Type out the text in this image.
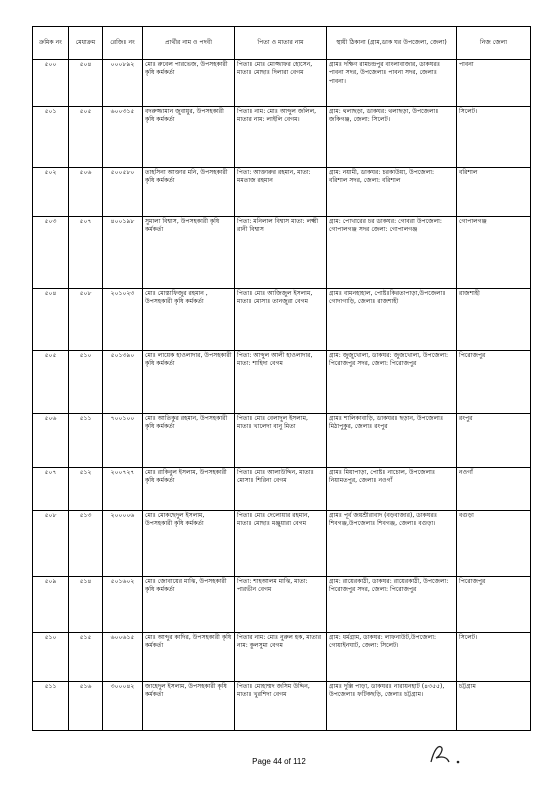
ক্রমিক নং	মেধাক্রম	রেজিঃ নং	প্রার্থীর নাম ও পদবী	পিতা ও মাতার নাম	স্থায়ী ঠিকানা (গ্রাম,ডাক ঘর উপজেলা, জেলা)	নিজ জেলা
৫০০	৫০৪	০০০৮৯২	মোঃ রুবেল পারভেজ, উপসহকারী কৃষি কর্মকর্তা	পিতাঃ মোঃ মোজ্জাফর হোসেন, মাতাঃ মোছাঃ দিলারা বেগম	গ্রামঃ দক্ষিণ রামচন্দ্রপুর বাংলাবাজার, ডাকঘরঃ পাবনা সদর, উপজেলাঃ পাবনা সদর, জেলাঃ পাবনা।	পাবনা
৫০১	৫০৫	৬০০৩১৫	বদরুজ্জামান জুবায়ুর, উপসহকারী কৃষি কর্মকর্তা	পিতাঃ নাম: মোঃ আব্দুল জলিল, মাতার নাম: লাইলি বেগম।	গ্রাম: থলাছড়া, ডাকঘর: থলাছড়া, উপজেলাঃ জকিগঞ্জ, জেলা: সিলেট।	সিলেট।
৫০২	৫০৬	৫০০৫৮০	তাহসিনা আক্তার মনি, উপসহকারী কৃষি কর্মকর্তা	পিতা: আক্তারুর রহমান, মাতা: মমতাজ রহমান	গ্রাম: নয়ামী, ডাকঘর: চরকাউয়া, উপজেলা: বরিশাল সদর, জেলা: বরিশাল	বরিশাল
৫০৩	৫০৭	৪০০১৯৮	সুমালা বিশ্বাস, উপসহকারী কৃষি কর্মকর্তা	পিতা: মনিলাল বিশ্বাস মাতা: লক্ষ্মী রানী বিশ্বাস	গ্রাম: পোখারের চর ডাকঘর: গোবরা উপজেলা: গোপালগঞ্জ সদর জেলা: গোপালগঞ্জ	গোপালগঞ্জ
৫০৪	৫০৮	২০১০২৩	মোঃ মোস্তাফিজুর রহমান , উপসহকারী কৃষি কর্মকর্তা	পিতাঃ মোঃ আজিজুল ইসলাম, মাতাঃ মোসাঃ তানজুরা বেগম	গ্রামঃ বামনহাহাল, পোষ্টঃকিরতাপাড়া,উপজেলাঃ গোদাগাড়ি, জেলাঃ রাজশাহী	রাজশাহী
৫০৫	৫১০	৫০১৩৯০	মোঃ লায়েক হাওলাদার, উপসহকারী কৃষি কর্মকর্তা	পিতা: আব্দুল আলী হাওলাদার, মাতা: শাহিদা বেগম	গ্রাম: জুজুখোলা, ডাকঘর: জুজখোলা, উপজেলা: পিরোজপুর সদর, জেলা: পিরোজপুর	পিরোজপুর
৫০৬	৫১১	৭০০১০০	মোঃ আতিকুর রহমান, উপসহকারী কৃষি কর্মকর্তা	পিতাঃ মোঃ বেলাদুল ইসলাম, মাতাঃ খালেদা বানু মিতা	গ্রামঃ শালিকাবাড়ি, ডাকঘরঃ ছড়ান, উপজেলাঃ মিঠাপুকুর, জেলাঃ রংপুর	রংপুর
৫০৭	৫১২	২০০৭২৭	মোঃ রাকিবুল ইসলাম, উপসহকারী কৃষি কর্মকর্তা	পিতাঃ মোঃ আলাউদ্দিন, মাতাঃ মোসাঃ শিরিনা বেগম	গ্রামঃ মিয়াপাড়া, পোষ্টঃ নাচোল, উপজেলাঃ নিয়ামতপুর, জেলাঃ নওগাঁ	নওগাঁ
৫০৮	৫১৩	২০০০০৬	মোঃ মোকছেদুল ইসলাম, উপসহকারী কৃষি কর্মকর্তা	পিতাঃ মোঃ দেলোয়ার রহমান, মাতাঃ মোছাঃ মঞ্জুয়ারা বেগম	গ্রামঃ পূর্ব জয়শ্রীরাবাদ (বড়বাজার), ডাকঘরঃ শিবগঞ্জ,উপজেলাঃ শিবগঞ্জ, জেলাঃ বগুড়া।	বগুড়া
৫০৯	৫১৪	৫০১৬০২	মোঃ জোবায়ের মাঝি, উপসহকারী কৃষি কর্মকর্তা	পিতা: শাহআলম মাঝি, মাতা: পারভীন বেগম	গ্রাম: রায়েরকাঠী, ডাকঘর: রায়েরকাঠী, উপজেলা: পিরোজপুর সদর, জেলা: পিরোজপুর	পিরোজপুর
৫১০	৫১৫	৬০০৬১৫	মোঃ আব্দুর কাদির, উপসহকারী কৃষি কর্মকর্তা	পিতার নাম: মোঃ নুরুল হক, মাতার নাম: কুলসুমা বেগম	গ্রাম: ধর্মগ্রাম, ডাকঘর: লাফনাউট,উপজেলা: গোয়াইনঘাট, জেলা: সিলেট।	সিলেট।
৫১১	৫১৬	৩০০০৪২	জাহেদুল ইসলাম, উপসহকারী কৃষি কর্মকর্তা	পিতাঃ মোহাম্মদ জসিম উদ্দিন, মাতাঃ খুরশিদা বেগম	গ্রামঃ দুল্লি পাড়া, ডাকঘরঃ নারায়নহাট (৪৩৫৫), উপজেলাঃ ফটিকছড়ি, জেলাঃ চট্টগ্রাম।	চট্টগ্রাম
Page 44 of 112
